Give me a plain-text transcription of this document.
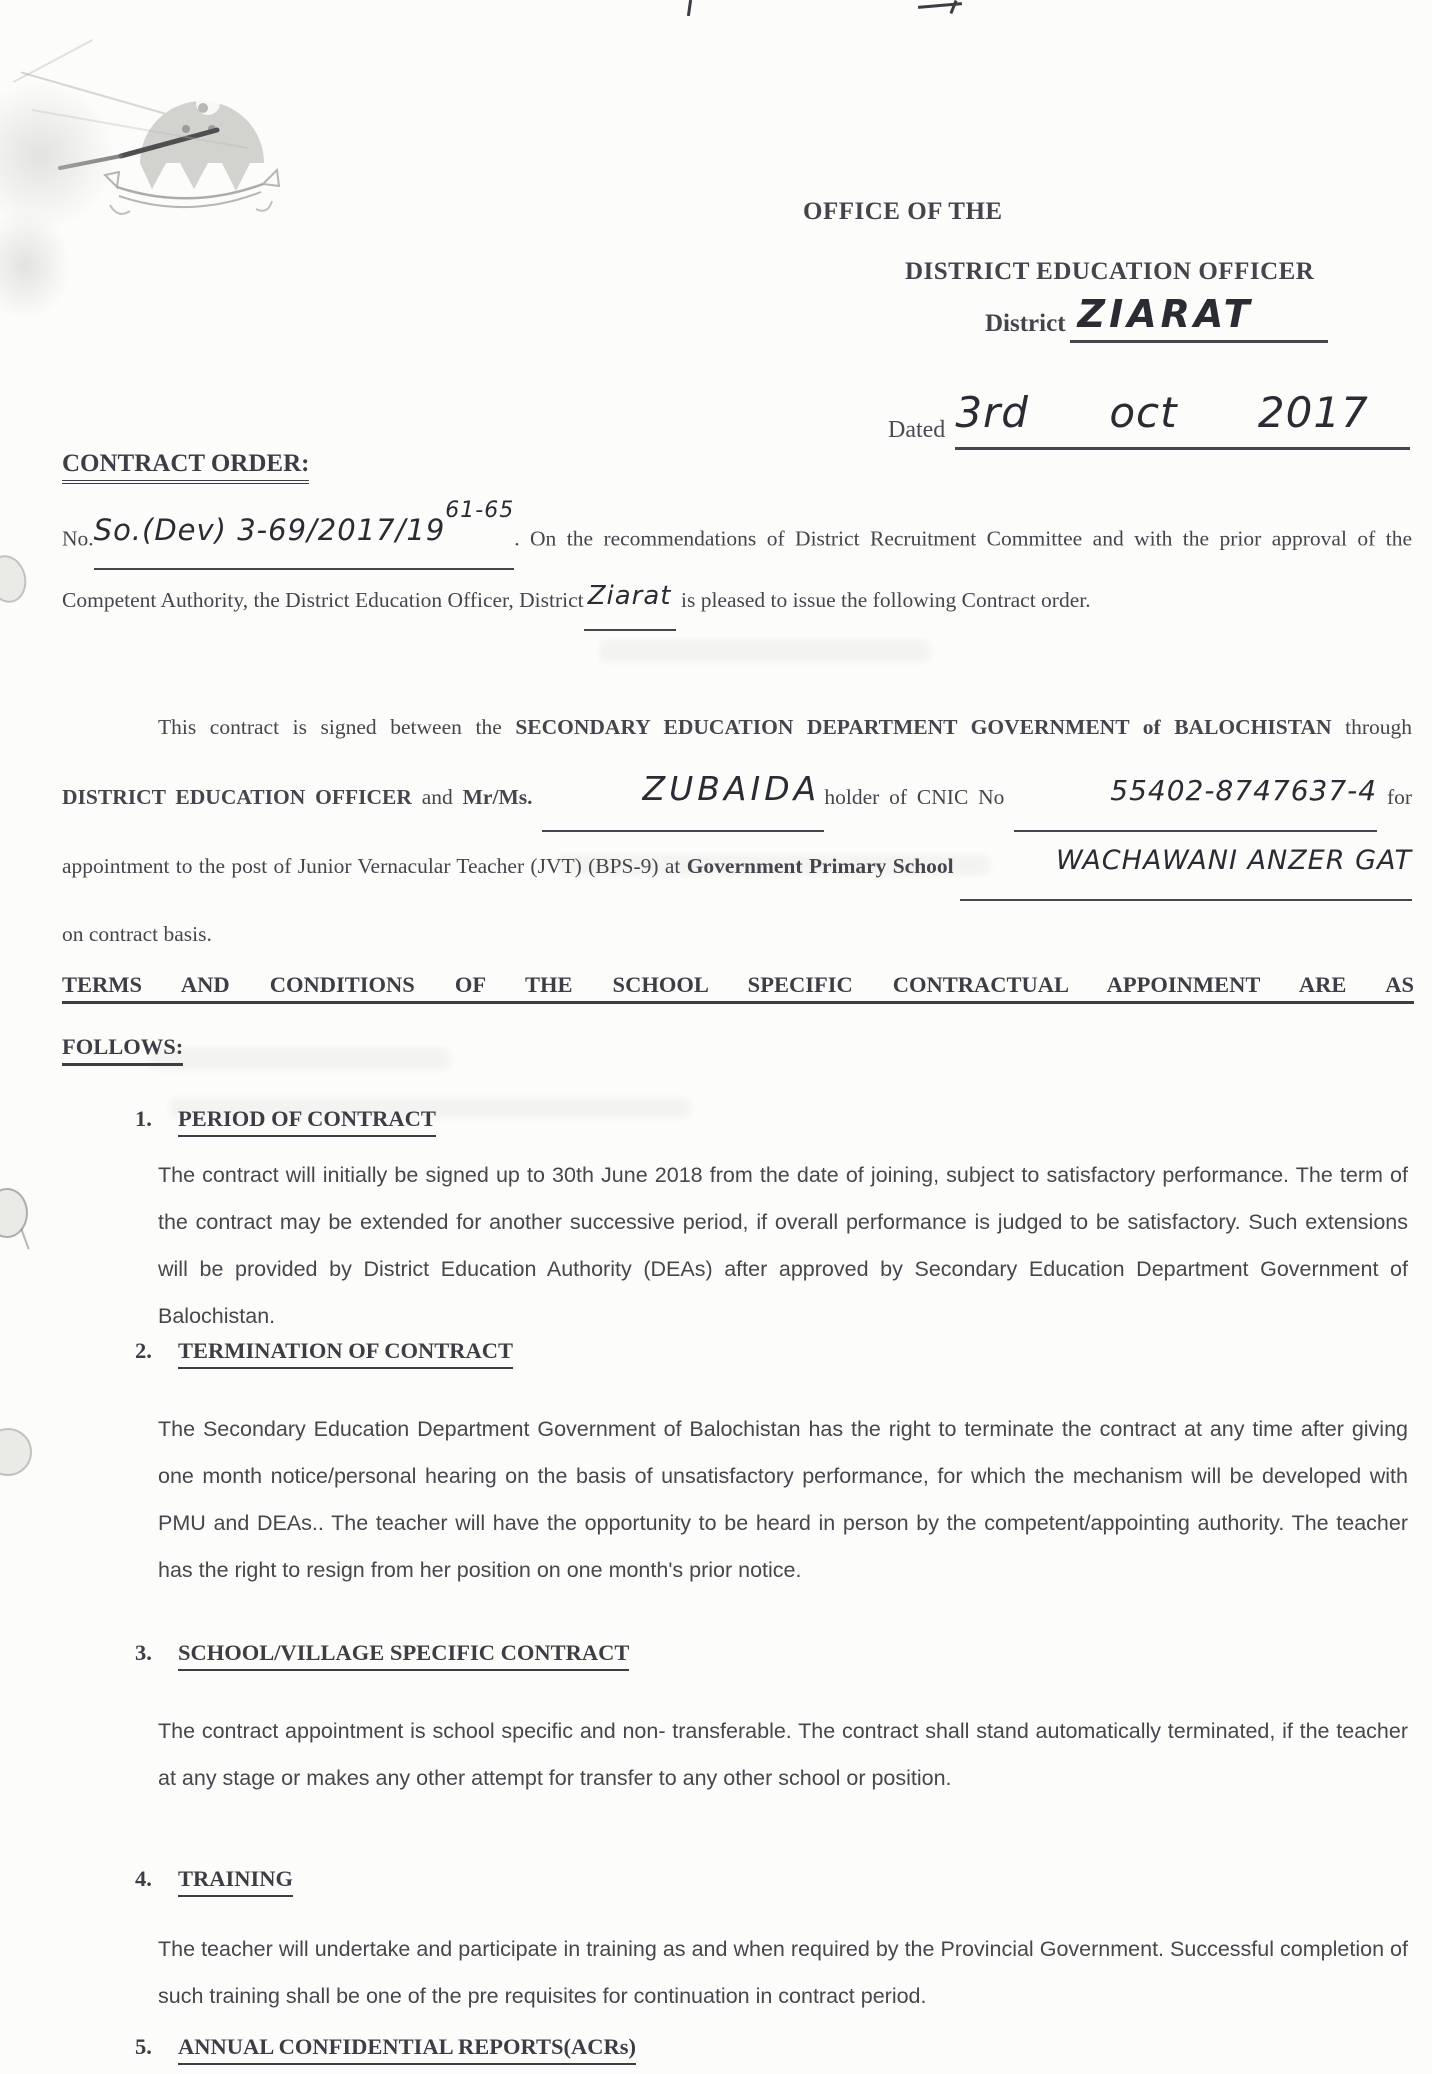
OFFICE OF THE
DISTRICT EDUCATION OFFICER
District ZIARAT
Dated 3rd oct 2017
CONTRACT ORDER:
No.So.(Dev) 3-69/2017/19$^{61-65}$. On the recommendations of District Recruitment Committee and with the prior approval of the Competent Authority, the District Education Officer, District Ziarat is pleased to issue the following Contract order.
This contract is signed between the SECONDARY EDUCATION DEPARTMENT GOVERNMENT of BALOCHISTAN through DISTRICT EDUCATION OFFICER and Mr/Ms.	ZUBAIDA holder of CNIC No	55402-8747637-4 for appointment to the post of Junior Vernacular Teacher (JVT) (BPS-9) at Government Primary School	WACHAWANI ANZER GAT on contract basis.
TERMS AND CONDITIONS OF THE SCHOOL SPECIFIC CONTRACTUAL APPOINMENT ARE AS
FOLLOWS:
1. PERIOD OF CONTRACT
The contract will initially be signed up to 30th June 2018 from the date of joining, subject to satisfactory performance. The term of the contract may be extended for another successive period, if overall performance is judged to be satisfactory. Such extensions will be provided by District Education Authority (DEAs) after approved by Secondary Education Department Government of Balochistan.
2. TERMINATION OF CONTRACT
The Secondary Education Department Government of Balochistan has the right to terminate the contract at any time after giving one month notice/personal hearing on the basis of unsatisfactory performance, for which the mechanism will be developed with PMU and DEAs.. The teacher will have the opportunity to be heard in person by the competent/appointing authority. The teacher has the right to resign from her position on one month's prior notice.
3. SCHOOL/VILLAGE SPECIFIC CONTRACT
The contract appointment is school specific and non- transferable. The contract shall stand automatically terminated, if the teacher at any stage or makes any other attempt for transfer to any other school or position.
4. TRAINING
The teacher will undertake and participate in training as and when required by the Provincial Government. Successful completion of such training shall be one of the pre requisites for continuation in contract period.
5. ANNUAL CONFIDENTIAL REPORTS(ACRs)
